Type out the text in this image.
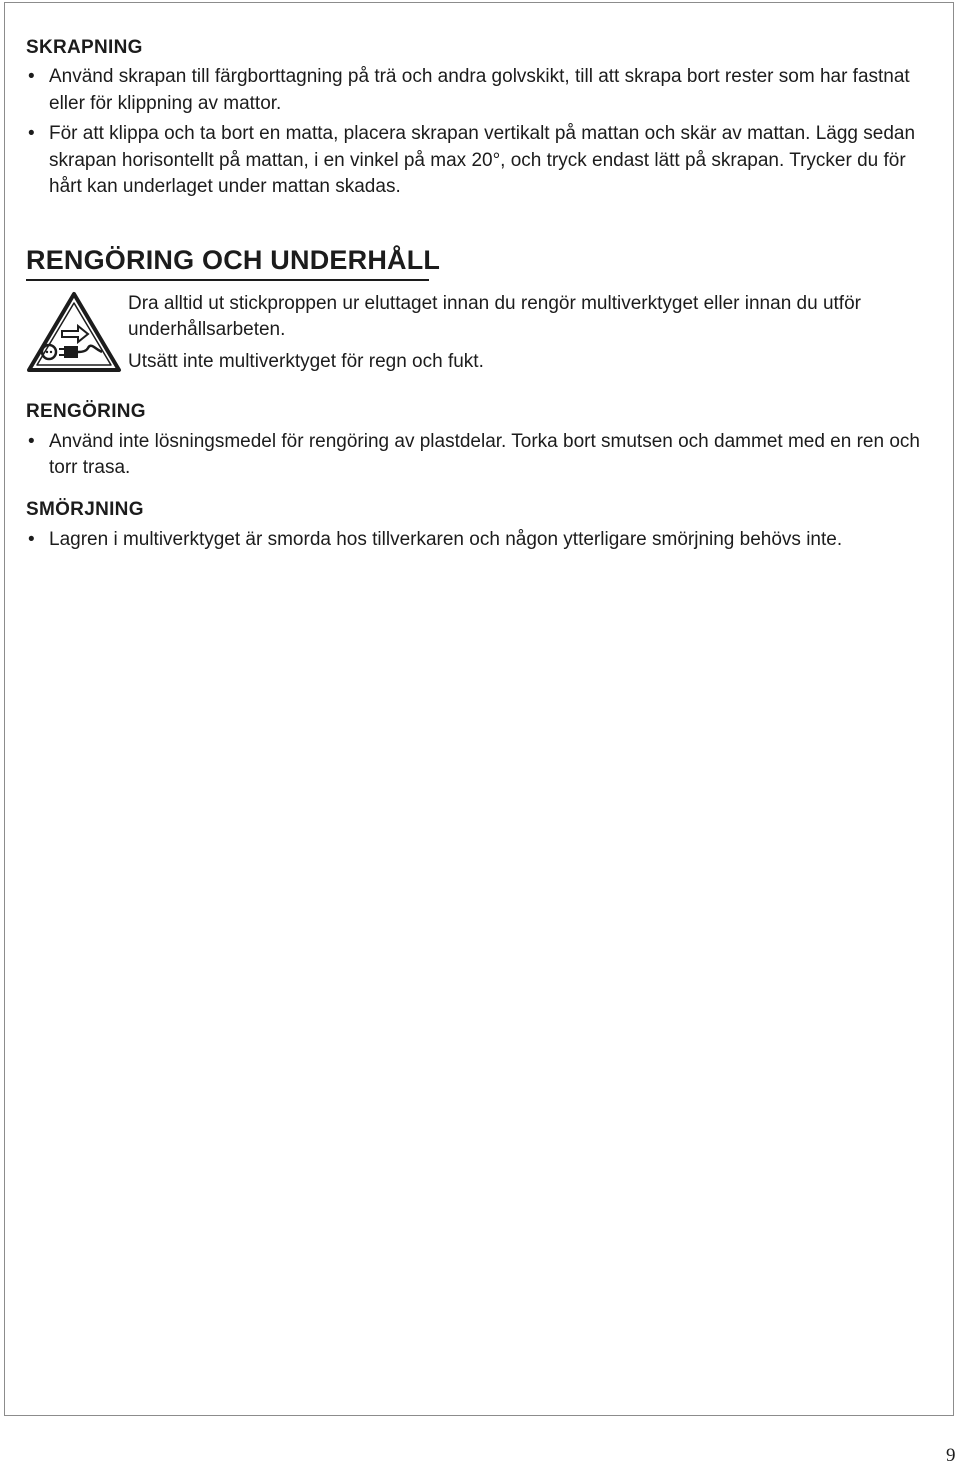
SKRAPNING
• Använd skrapan till färgborttagning på trä och andra golvskikt, till att skrapa bort rester som har fastnat eller för klippning av mattor.
• För att klippa och ta bort en matta, placera skrapan vertikalt på mattan och skär av mattan. Lägg sedan skrapan horisontellt på mattan, i en vinkel på max 20°, och tryck endast lätt på skrapan. Trycker du för hårt kan underlaget under mattan skadas.
RENGÖRING OCH UNDERHÅLL

Dra alltid ut stickproppen ur eluttaget innan du rengör multiverktyget eller innan du utför underhållsarbeten.

Utsätt inte multiverktyget för regn och fukt.

RENGÖRING
• Använd inte lösningsmedel för rengöring av plastdelar. Torka bort smutsen och dammet med en ren och torr trasa.
SMÖRJNING
• Lagren i multiverktyget är smorda hos tillverkaren och någon ytterligare smörjning behövs inte.
9
